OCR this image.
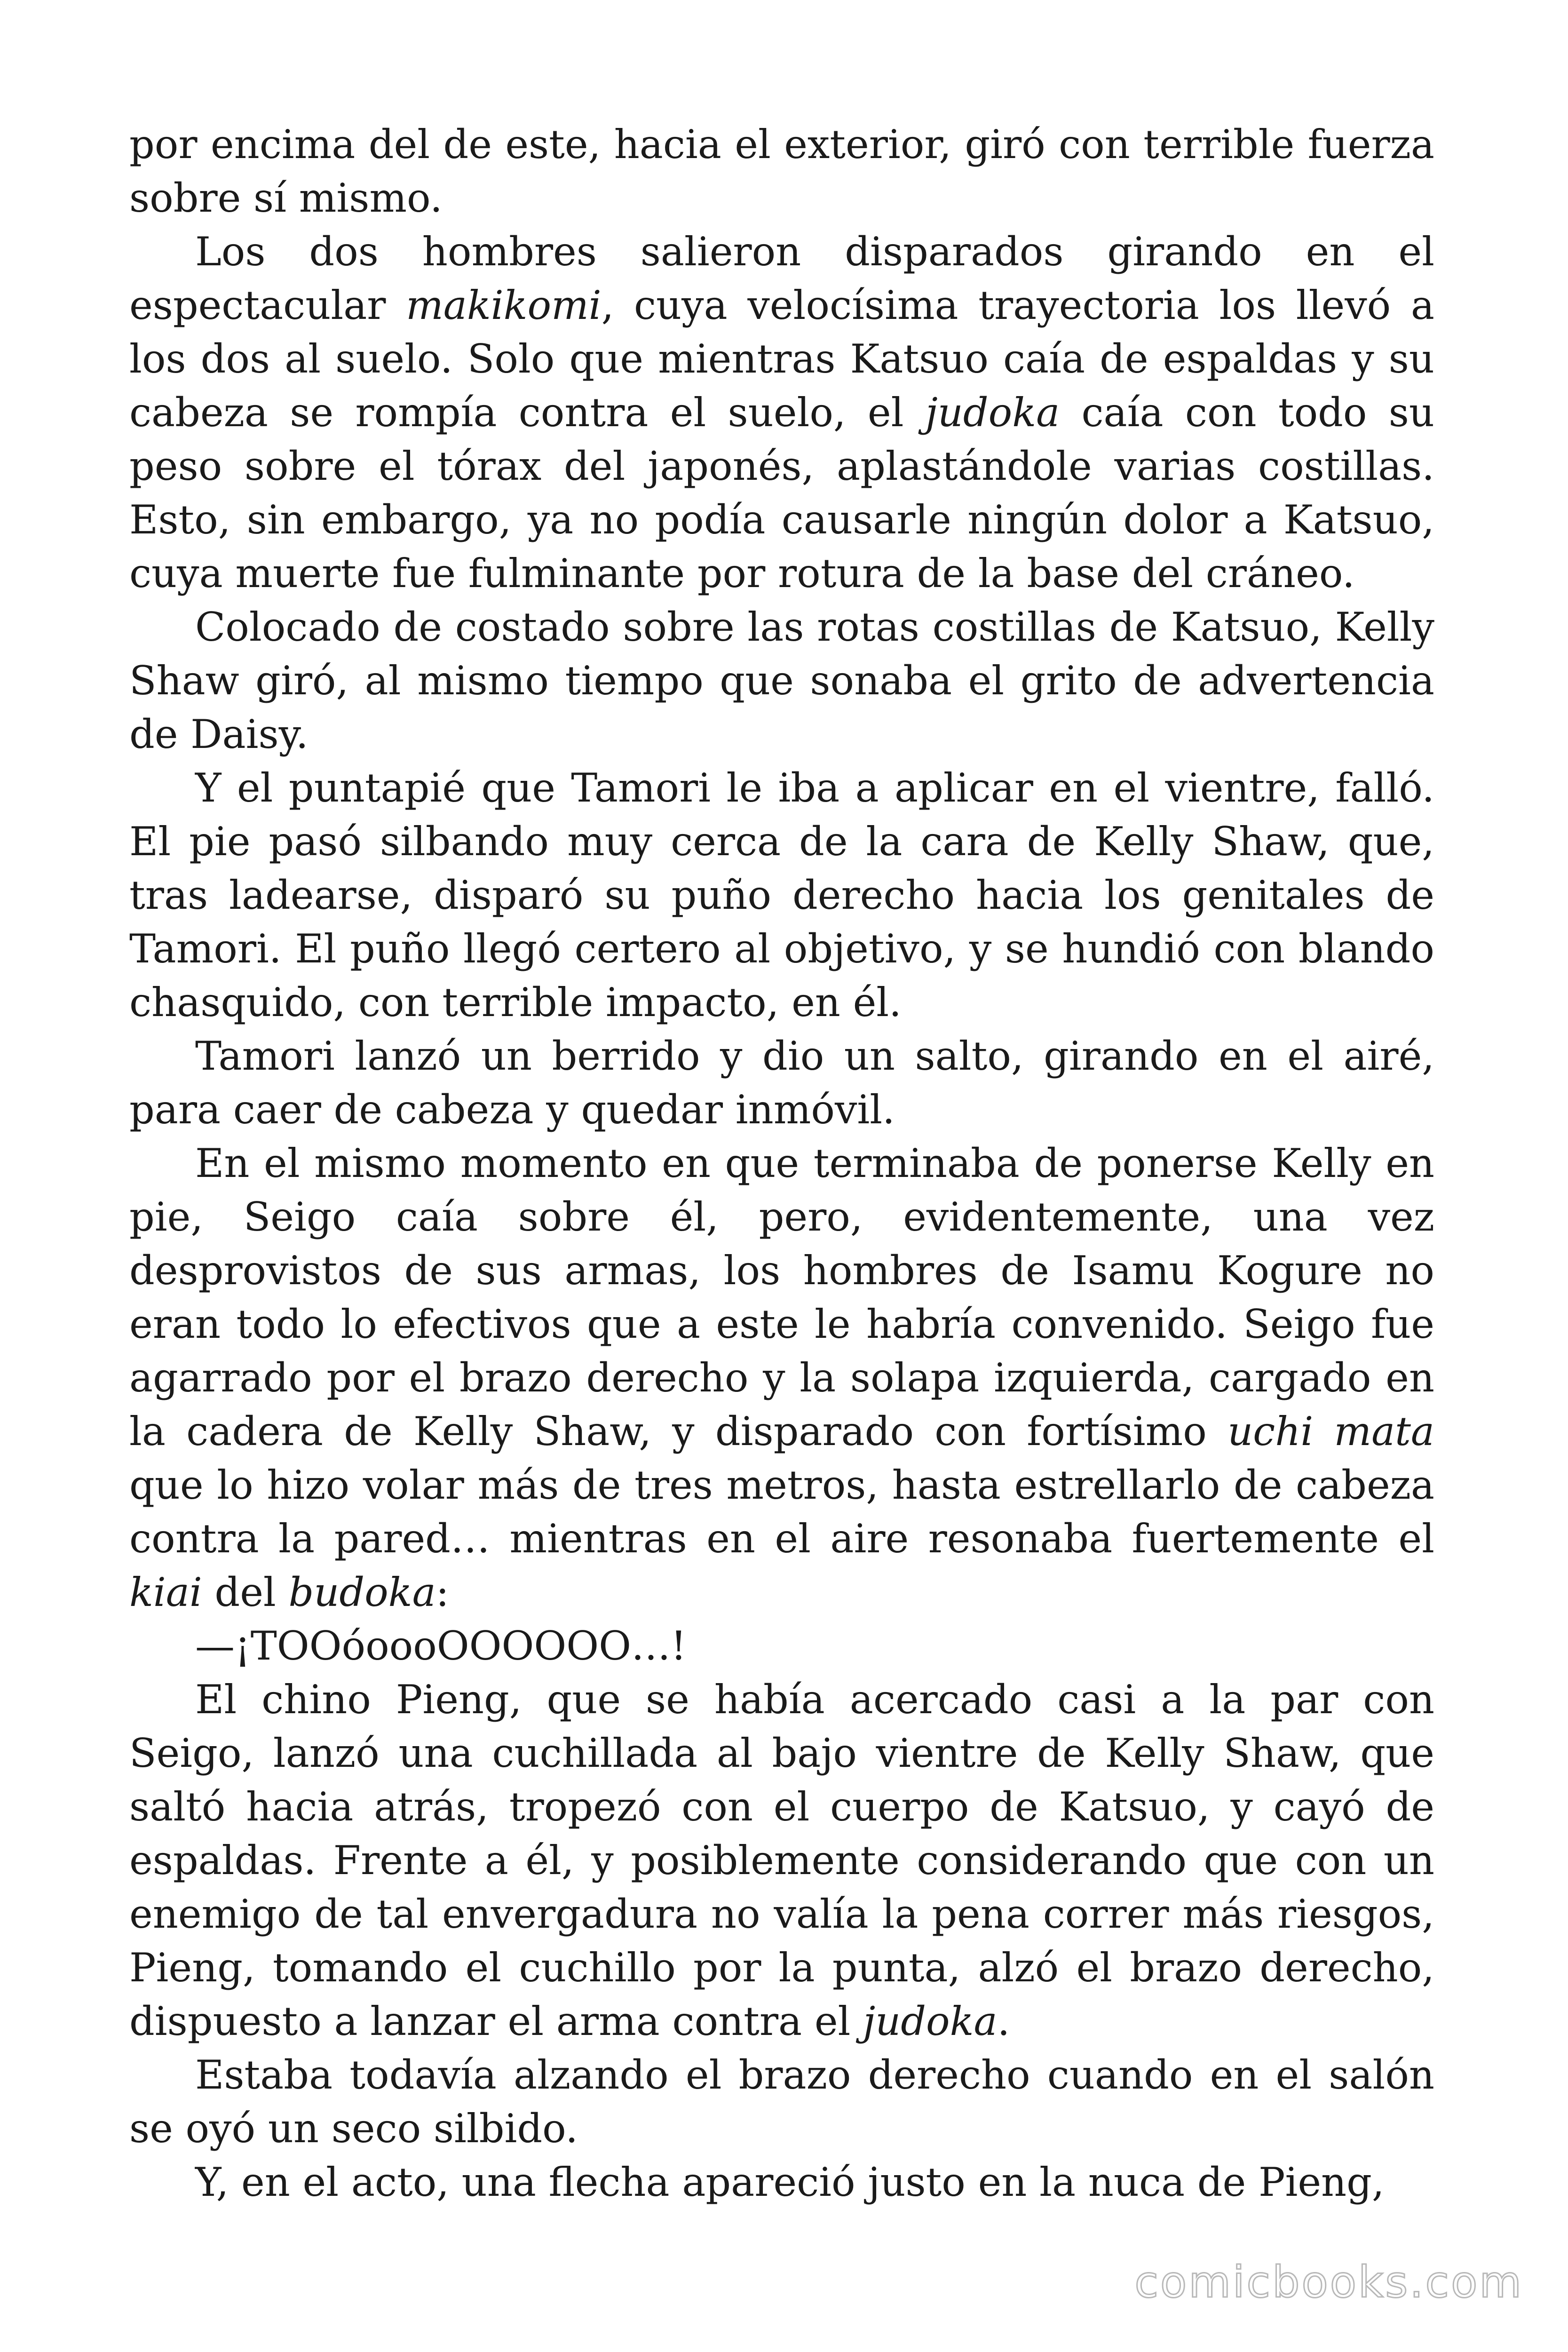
por encima del de este, hacia el exterior, giró con terrible fuerza sobre sí mismo.

Los dos hombres salieron disparados girando en el espectacular makikomi, cuya velocísima trayectoria los llevó a los dos al suelo. Solo que mientras Katsuo caía de espaldas y su cabeza se rompía contra el suelo, el judoka caía con todo su peso sobre el tórax del japonés, aplastándole varias costillas. Esto, sin embargo, ya no podía causarle ningún dolor a Katsuo, cuya muerte fue fulminante por rotura de la base del cráneo.

Colocado de costado sobre las rotas costillas de Katsuo, Kelly Shaw giró, al mismo tiempo que sonaba el grito de advertencia de Daisy.

Y el puntapié que Tamori le iba a aplicar en el vientre, falló. El pie pasó silbando muy cerca de la cara de Kelly Shaw, que, tras ladearse, disparó su puño derecho hacia los genitales de Tamori. El puño llegó certero al objetivo, y se hundió con blando chasquido, con terrible impacto, en él.

Tamori lanzó un berrido y dio un salto, girando en el airé, para caer de cabeza y quedar inmóvil.

En el mismo momento en que terminaba de ponerse Kelly en pie, Seigo caía sobre él, pero, evidentemente, una vez desprovistos de sus armas, los hombres de Isamu Kogure no eran todo lo efectivos que a este le habría convenido. Seigo fue agarrado por el brazo derecho y la solapa izquierda, cargado en la cadera de Kelly Shaw, y disparado con fortísimo uchi mata que lo hizo volar más de tres metros, hasta estrellarlo de cabeza contra la pared… mientras en el aire resonaba fuertemente el kiai del budoka:

—¡TOOóoooOOOOOO…!

El chino Pieng, que se había acercado casi a la par con Seigo, lanzó una cuchillada al bajo vientre de Kelly Shaw, que saltó hacia atrás, tropezó con el cuerpo de Katsuo, y cayó de espaldas. Frente a él, y posiblemente considerando que con un enemigo de tal envergadura no valía la pena correr más riesgos, Pieng, tomando el cuchillo por la punta, alzó el brazo derecho, dispuesto a lanzar el arma contra el judoka.

Estaba todavía alzando el brazo derecho cuando en el salón se oyó un seco silbido.

Y, en el acto, una flecha apareció justo en la nuca de Pieng,

comicbooks.com
